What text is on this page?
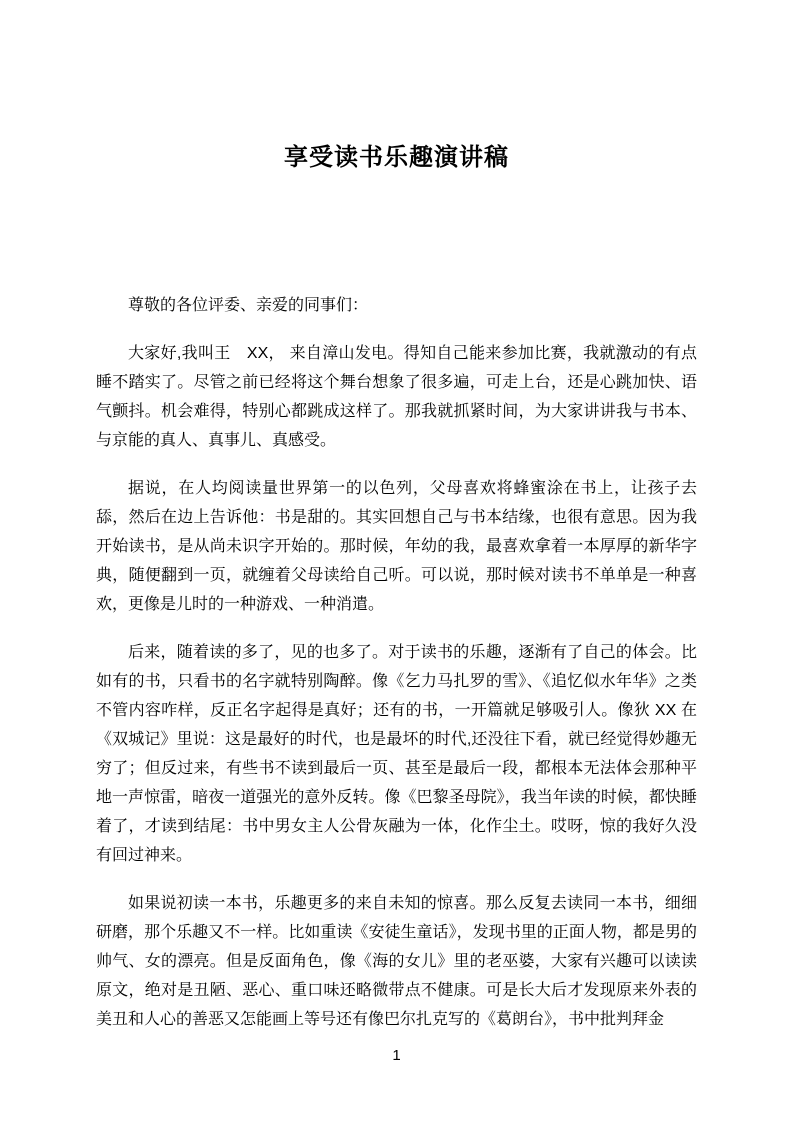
享受读书乐趣演讲稿

尊敬的各位评委、亲爱的同事们：

大家好,我叫王　XX， 来自漳山发电。得知自己能来参加比赛，我就激动的有点睡不踏实了。尽管之前已经将这个舞台想象了很多遍，可走上台，还是心跳加快、语气颤抖。机会难得，特别心都跳成这样了。那我就抓紧时间，为大家讲讲我与书本、与京能的真人、真事儿、真感受。

据说，在人均阅读量世界第一的以色列，父母喜欢将蜂蜜涂在书上，让孩子去舔，然后在边上告诉他：书是甜的。其实回想自己与书本结缘，也很有意思。因为我开始读书，是从尚未识字开始的。那时候，年幼的我，最喜欢拿着一本厚厚的新华字典，随便翻到一页，就缠着父母读给自己听。可以说，那时候对读书不单单是一种喜欢，更像是儿时的一种游戏、一种消遣。

后来，随着读的多了，见的也多了。对于读书的乐趣，逐渐有了自己的体会。比如有的书，只看书的名字就特别陶醉。像《乞力马扎罗的雪》、《追忆似水年华》之类不管内容咋样，反正名字起得是真好；还有的书，一开篇就足够吸引人。像狄 XX 在《双城记》里说：这是最好的时代，也是最坏的时代,还没往下看，就已经觉得妙趣无穷了；但反过来，有些书不读到最后一页、甚至是最后一段，都根本无法体会那种平地一声惊雷，暗夜一道强光的意外反转。像《巴黎圣母院》，我当年读的时候，都快睡着了，才读到结尾：书中男女主人公骨灰融为一体，化作尘土。哎呀，惊的我好久没有回过神来。

如果说初读一本书，乐趣更多的来自未知的惊喜。那么反复去读同一本书，细细研磨，那个乐趣又不一样。比如重读《安徒生童话》，发现书里的正面人物，都是男的帅气、女的漂亮。但是反面角色，像《海的女儿》里的老巫婆，大家有兴趣可以读读原文，绝对是丑陋、恶心、重口味还略微带点不健康。可是长大后才发现原来外表的美丑和人心的善恶又怎能画上等号还有像巴尔扎克写的《葛朗台》，书中批判拜金

1
